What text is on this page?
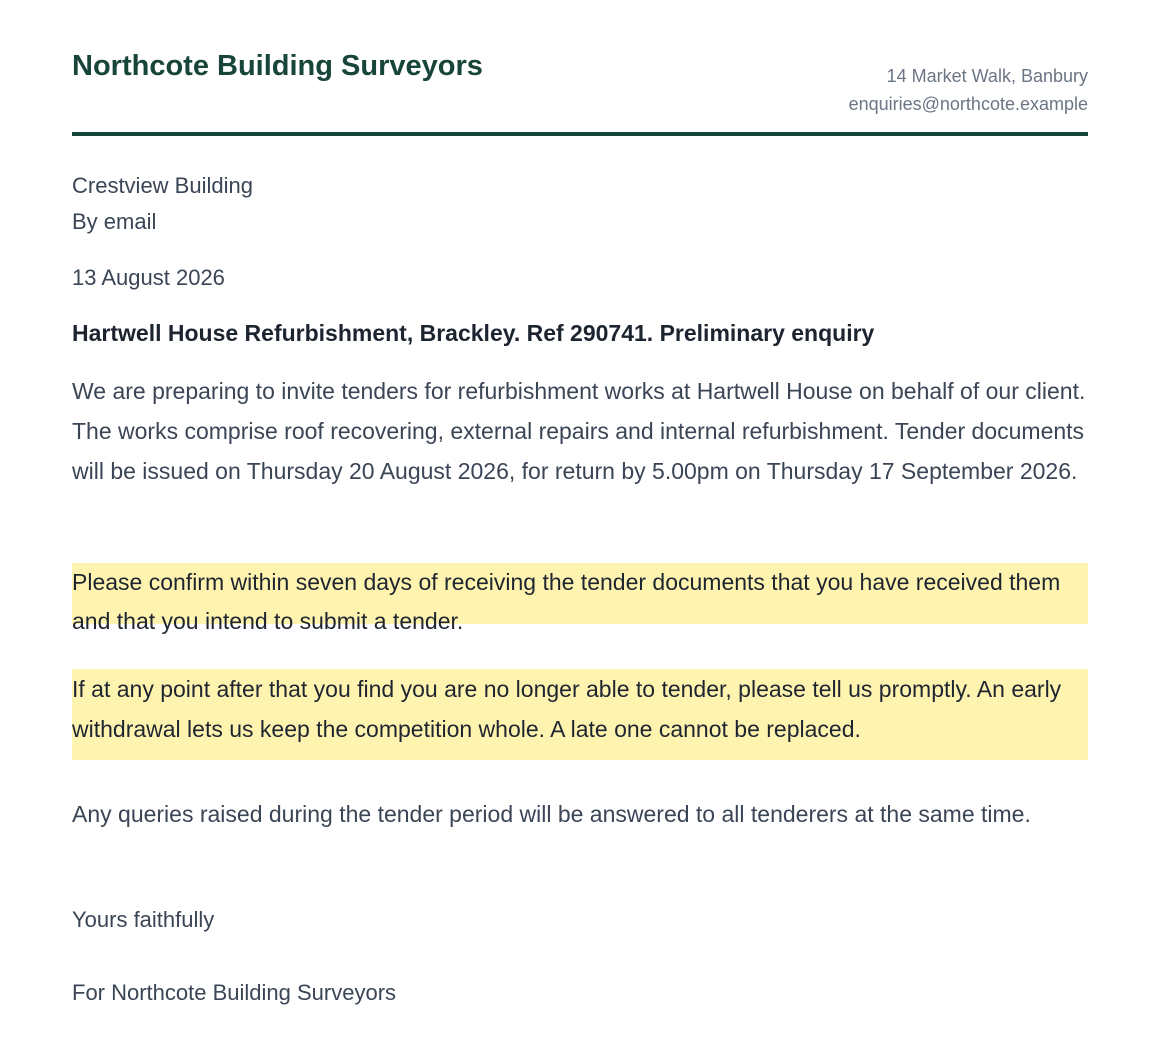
Northcote Building Surveyors	14 Market Walk, Banbury
enquiries@northcote.example
Crestview Building
By email
13 August 2026
Hartwell House Refurbishment, Brackley. Ref 290741. Preliminary enquiry

We are preparing to invite tenders for refurbishment works at Hartwell House on behalf of our client. The works comprise roof recovering, external repairs and internal refurbishment. Tender documents will be issued on Thursday 20 August 2026, for return by 5.00pm on Thursday 17 September 2026.

Please confirm within seven days of receiving the tender documents that you have received them and that you intend to submit a tender.

If at any point after that you find you are no longer able to tender, please tell us promptly. An early withdrawal lets us keep the competition whole. A late one cannot be replaced.

Any queries raised during the tender period will be answered to all tenderers at the same time.

Yours faithfully
For Northcote Building Surveyors
